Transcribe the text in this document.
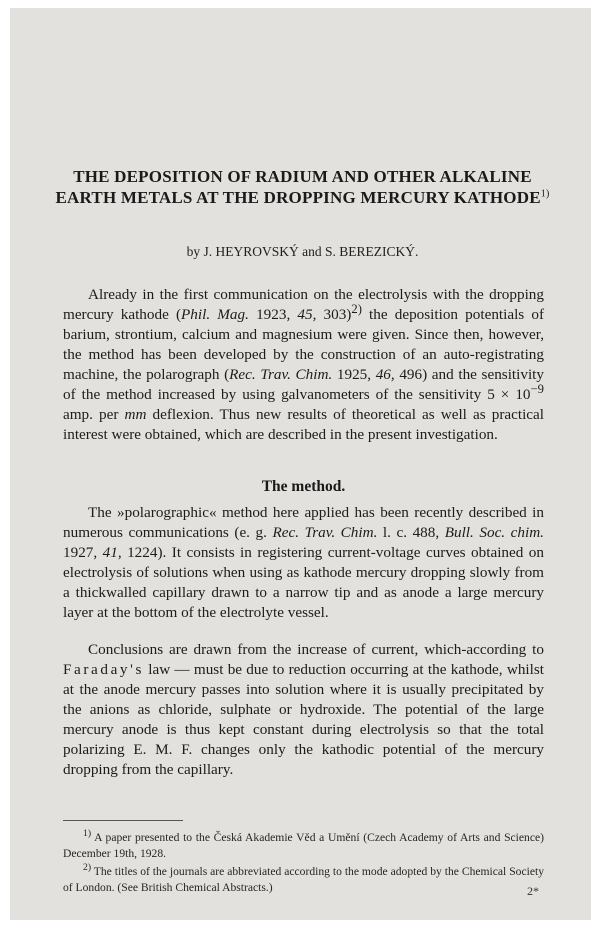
THE DEPOSITION OF RADIUM AND OTHER ALKALINE EARTH METALS AT THE DROPPING MERCURY KATHODE$^{1)}$
by J. HEYROVSKÝ and S. BEREZICKÝ.

Already in the first communication on the electrolysis with the dropping mercury kathode (Phil. Mag. 1923, 45, 303)$^{2)}$ the deposition potentials of barium, strontium, calcium and magnesium were given. Since then, however, the method has been developed by the construction of an auto-registrating machine, the polarograph (Rec. Trav. Chim. 1925, 46, 496) and the sensitivity of the method increased by using galvanometers of the sensitivity $5 \times 10^{-9}$ amp. per mm deflexion. Thus new results of theoretical as well as practical interest were obtained, which are described in the present investigation.

The method.

The »polarographic« method here applied has been recently described in numerous communications (e. g. Rec. Trav. Chim. l. c. 488, Bull. Soc. chim. 1927, 41, 1224). It consists in registering current-voltage curves obtained on electrolysis of solutions when using as kathode mercury dropping slowly from a thickwalled capillary drawn to a narrow tip and as anode a large mercury layer at the bottom of the electrolyte vessel.

Conclusions are drawn from the increase of current, which-according to Faraday's law — must be due to reduction occurring at the kathode, whilst at the anode mercury passes into solution where it is usually precipitated by the anions as chloride, sulphate or hydroxide. The potential of the large mercury anode is thus kept constant during electrolysis so that the total polarizing E. M. F. changes only the kathodic potential of the mercury dropping from the capillary.

$^{1)}$ A paper presented to the Česká Akademie Věd a Umění (Czech Academy of Arts and Science) December 19th, 1928.

$^{2)}$ The titles of the journals are abbreviated according to the mode adopted by the Chemical Society of London. (See British Chemical Abstracts.)	2*
